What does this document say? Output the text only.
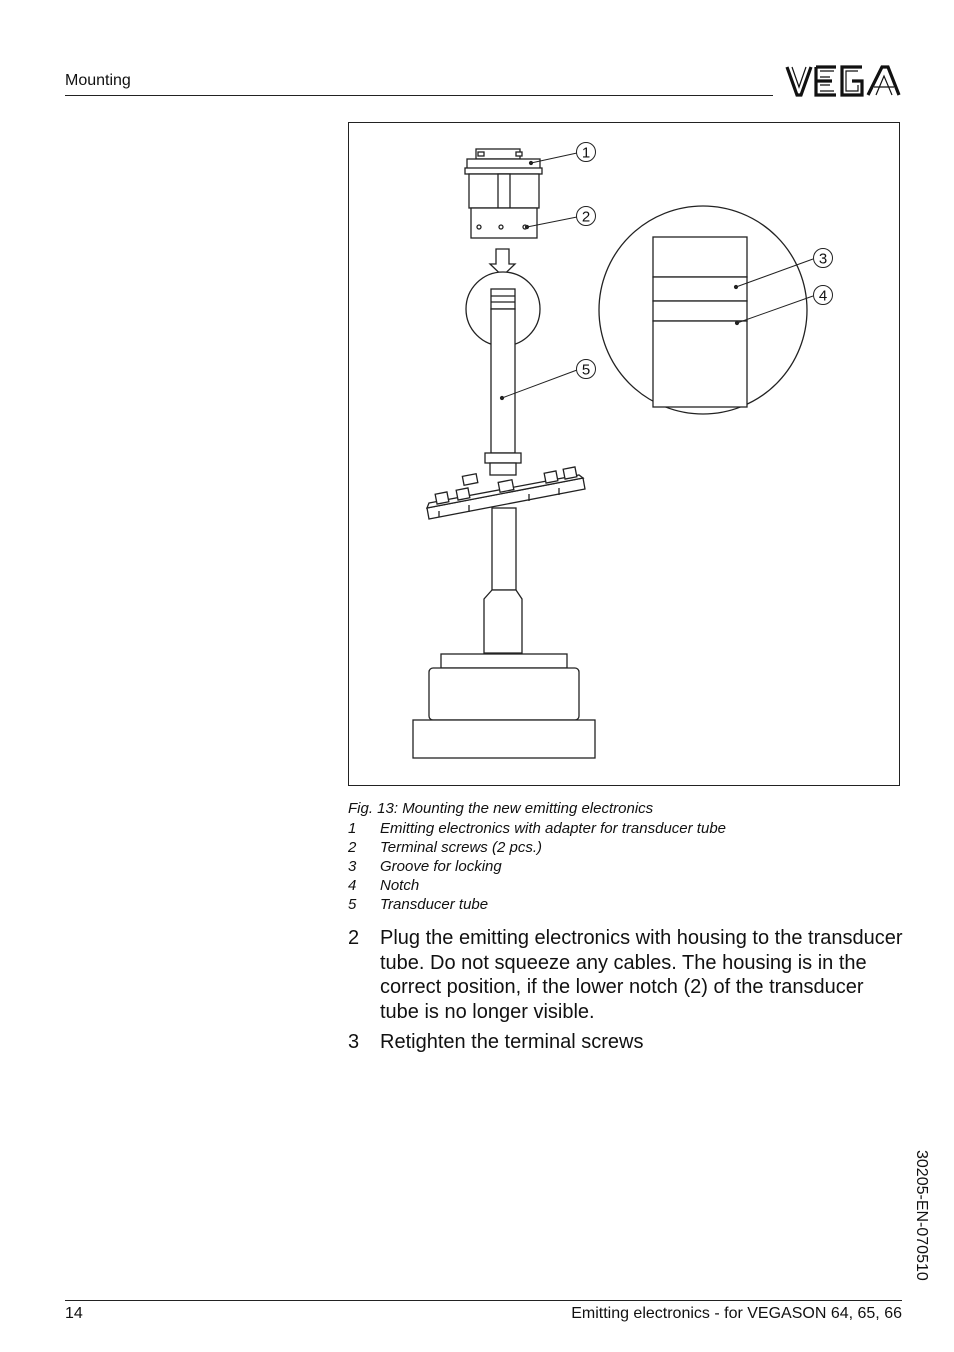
Mounting
1
2
3
4
5
Fig. 13: Mounting the new emitting electronics
1	Emitting electronics with adapter for transducer tube
2	Terminal screws (2 pcs.)
3	Groove for locking
4	Notch
5	Transducer tube
2	Plug the emitting electronics with housing to the transducer tube. Do not squeeze any cables. The housing is in the correct position, if the lower notch (2) of the transducer tube is no longer visible.
3	Retighten the terminal screws
30205-EN-070510
14	Emitting electronics - for VEGASON 64, 65, 66
